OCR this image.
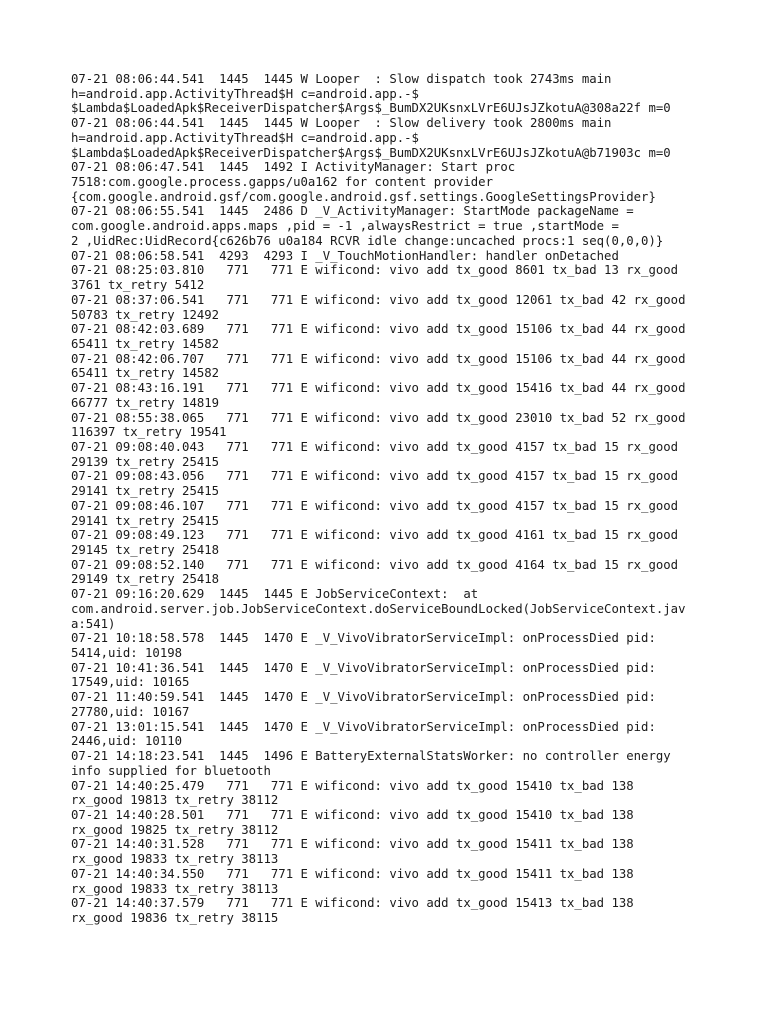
07-21 08:06:44.541  1445  1445 W Looper  : Slow dispatch took 2743ms main

h=android.app.ActivityThread$H c=android.app.-$

$Lambda$LoadedApk$ReceiverDispatcher$Args$_BumDX2UKsnxLVrE6UJsJZkotuA@308a22f m=0

07-21 08:06:44.541  1445  1445 W Looper  : Slow delivery took 2800ms main

h=android.app.ActivityThread$H c=android.app.-$

$Lambda$LoadedApk$ReceiverDispatcher$Args$_BumDX2UKsnxLVrE6UJsJZkotuA@b71903c m=0

07-21 08:06:47.541  1445  1492 I ActivityManager: Start proc

7518:com.google.process.gapps/u0a162 for content provider

{com.google.android.gsf/com.google.android.gsf.settings.GoogleSettingsProvider}

07-21 08:06:55.541  1445  2486 D _V_ActivityManager: StartMode packageName =

com.google.android.apps.maps ,pid = -1 ,alwaysRestrict = true ,startMode =

2 ,UidRec:UidRecord{c626b76 u0a184 RCVR idle change:uncached procs:1 seq(0,0,0)}

07-21 08:06:58.541  4293  4293 I _V_TouchMotionHandler: handler onDetached

07-21 08:25:03.810   771   771 E wificond: vivo add tx_good 8601 tx_bad 13 rx_good

3761 tx_retry 5412

07-21 08:37:06.541   771   771 E wificond: vivo add tx_good 12061 tx_bad 42 rx_good

50783 tx_retry 12492

07-21 08:42:03.689   771   771 E wificond: vivo add tx_good 15106 tx_bad 44 rx_good

65411 tx_retry 14582

07-21 08:42:06.707   771   771 E wificond: vivo add tx_good 15106 tx_bad 44 rx_good

65411 tx_retry 14582

07-21 08:43:16.191   771   771 E wificond: vivo add tx_good 15416 tx_bad 44 rx_good

66777 tx_retry 14819

07-21 08:55:38.065   771   771 E wificond: vivo add tx_good 23010 tx_bad 52 rx_good

116397 tx_retry 19541

07-21 09:08:40.043   771   771 E wificond: vivo add tx_good 4157 tx_bad 15 rx_good

29139 tx_retry 25415

07-21 09:08:43.056   771   771 E wificond: vivo add tx_good 4157 tx_bad 15 rx_good

29141 tx_retry 25415

07-21 09:08:46.107   771   771 E wificond: vivo add tx_good 4157 tx_bad 15 rx_good

29141 tx_retry 25415

07-21 09:08:49.123   771   771 E wificond: vivo add tx_good 4161 tx_bad 15 rx_good

29145 tx_retry 25418

07-21 09:08:52.140   771   771 E wificond: vivo add tx_good 4164 tx_bad 15 rx_good

29149 tx_retry 25418

07-21 09:16:20.629  1445  1445 E JobServiceContext:  at

com.android.server.job.JobServiceContext.doServiceBoundLocked(JobServiceContext.jav

a:541)

07-21 10:18:58.578  1445  1470 E _V_VivoVibratorServiceImpl: onProcessDied pid:

5414,uid: 10198

07-21 10:41:36.541  1445  1470 E _V_VivoVibratorServiceImpl: onProcessDied pid:

17549,uid: 10165

07-21 11:40:59.541  1445  1470 E _V_VivoVibratorServiceImpl: onProcessDied pid:

27780,uid: 10167

07-21 13:01:15.541  1445  1470 E _V_VivoVibratorServiceImpl: onProcessDied pid:

2446,uid: 10110

07-21 14:18:23.541  1445  1496 E BatteryExternalStatsWorker: no controller energy

info supplied for bluetooth

07-21 14:40:25.479   771   771 E wificond: vivo add tx_good 15410 tx_bad 138

rx_good 19813 tx_retry 38112

07-21 14:40:28.501   771   771 E wificond: vivo add tx_good 15410 tx_bad 138

rx_good 19825 tx_retry 38112

07-21 14:40:31.528   771   771 E wificond: vivo add tx_good 15411 tx_bad 138

rx_good 19833 tx_retry 38113

07-21 14:40:34.550   771   771 E wificond: vivo add tx_good 15411 tx_bad 138

rx_good 19833 tx_retry 38113

07-21 14:40:37.579   771   771 E wificond: vivo add tx_good 15413 tx_bad 138

rx_good 19836 tx_retry 38115
